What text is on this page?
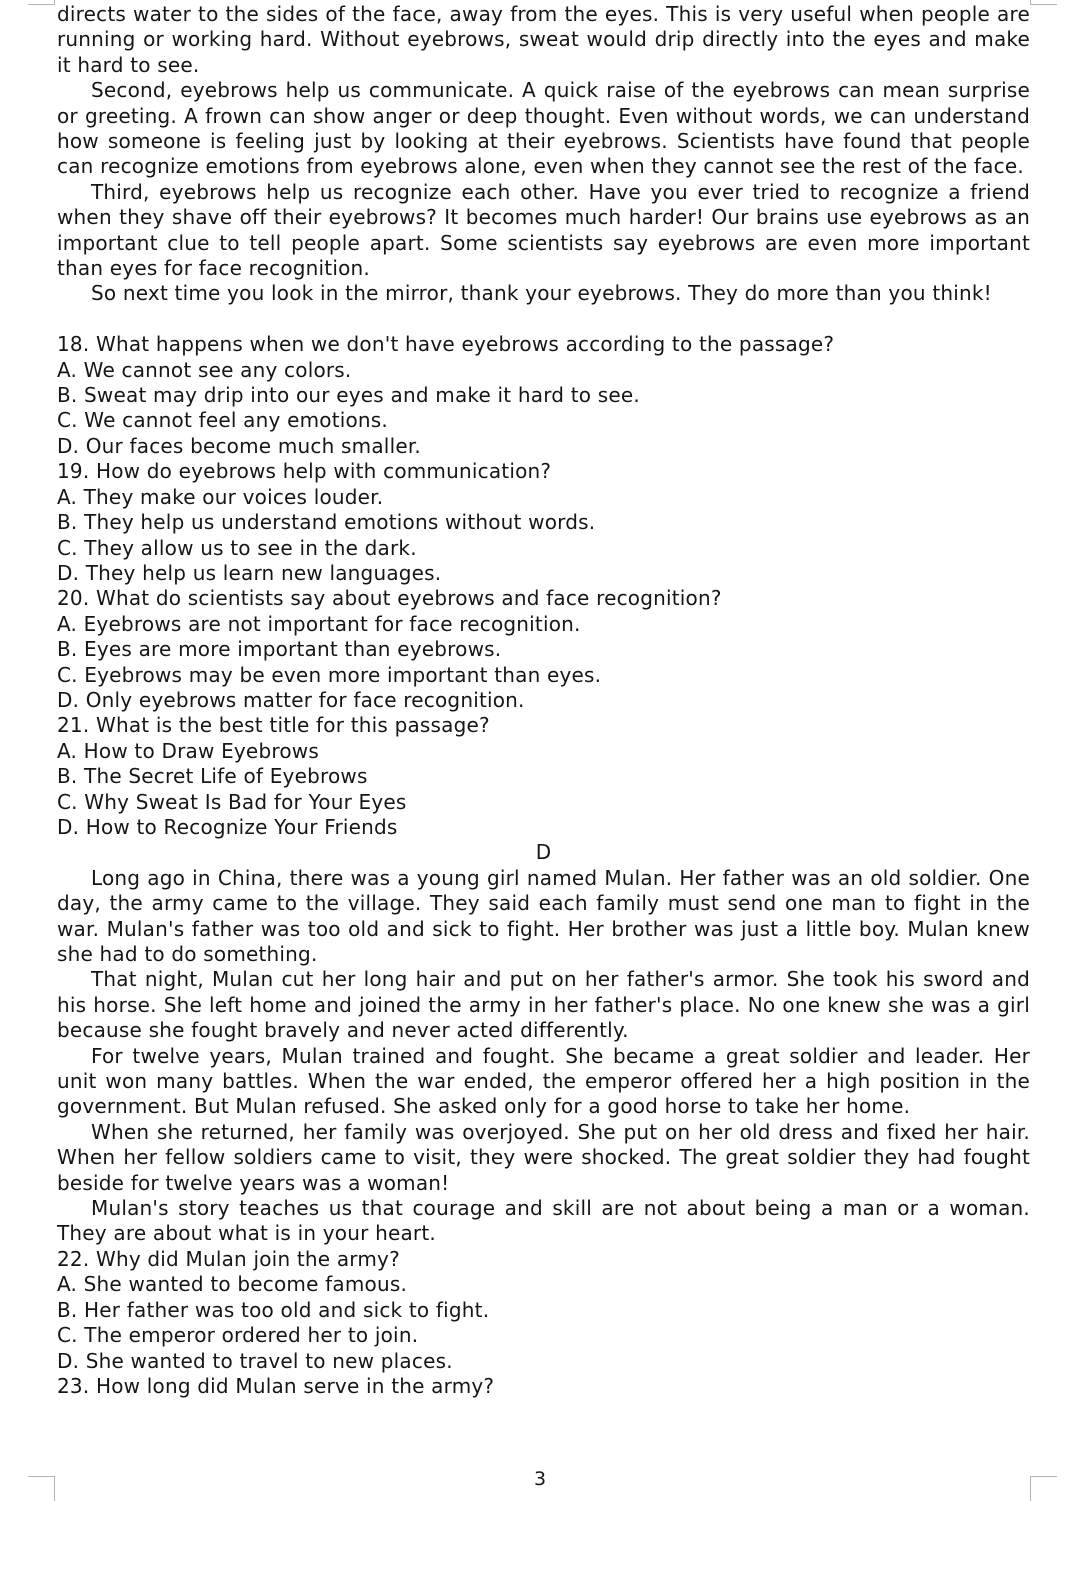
directs water to the sides of the face, away from the eyes. This is very useful when people are running or working hard. Without eyebrows, sweat would drip directly into the eyes and make it hard to see.

Second, eyebrows help us communicate. A quick raise of the eyebrows can mean surprise or greeting. A frown can show anger or deep thought. Even without words, we can understand how someone is feeling just by looking at their eyebrows. Scientists have found that people can recognize emotions from eyebrows alone, even when they cannot see the rest of the face.

Third, eyebrows help us recognize each other. Have you ever tried to recognize a friend when they shave off their eyebrows? It becomes much harder! Our brains use eyebrows as an important clue to tell people apart. Some scientists say eyebrows are even more important than eyes for face recognition.

So next time you look in the mirror, thank your eyebrows. They do more than you think!

18. What happens when we don't have eyebrows according to the passage?

A. We cannot see any colors.

B. Sweat may drip into our eyes and make it hard to see.

C. We cannot feel any emotions.

D. Our faces become much smaller.

19. How do eyebrows help with communication?

A. They make our voices louder.

B. They help us understand emotions without words.

C. They allow us to see in the dark.

D. They help us learn new languages.

20. What do scientists say about eyebrows and face recognition?

A. Eyebrows are not important for face recognition.

B. Eyes are more important than eyebrows.

C. Eyebrows may be even more important than eyes.

D. Only eyebrows matter for face recognition.

21. What is the best title for this passage?

A. How to Draw Eyebrows

B. The Secret Life of Eyebrows

C. Why Sweat Is Bad for Your Eyes

D. How to Recognize Your Friends

D

Long ago in China, there was a young girl named Mulan. Her father was an old soldier. One day, the army came to the village. They said each family must send one man to fight in the war. Mulan's father was too old and sick to fight. Her brother was just a little boy. Mulan knew she had to do something.

That night, Mulan cut her long hair and put on her father's armor. She took his sword and his horse. She left home and joined the army in her father's place. No one knew she was a girl because she fought bravely and never acted differently.

For twelve years, Mulan trained and fought. She became a great soldier and leader. Her unit won many battles. When the war ended, the emperor offered her a high position in the government. But Mulan refused. She asked only for a good horse to take her home.

When she returned, her family was overjoyed. She put on her old dress and fixed her hair. When her fellow soldiers came to visit, they were shocked. The great soldier they had fought beside for twelve years was a woman!

Mulan's story teaches us that courage and skill are not about being a man or a woman. They are about what is in your heart.

22. Why did Mulan join the army?

A. She wanted to become famous.

B. Her father was too old and sick to fight.

C. The emperor ordered her to join.

D. She wanted to travel to new places.

23. How long did Mulan serve in the army?

3
